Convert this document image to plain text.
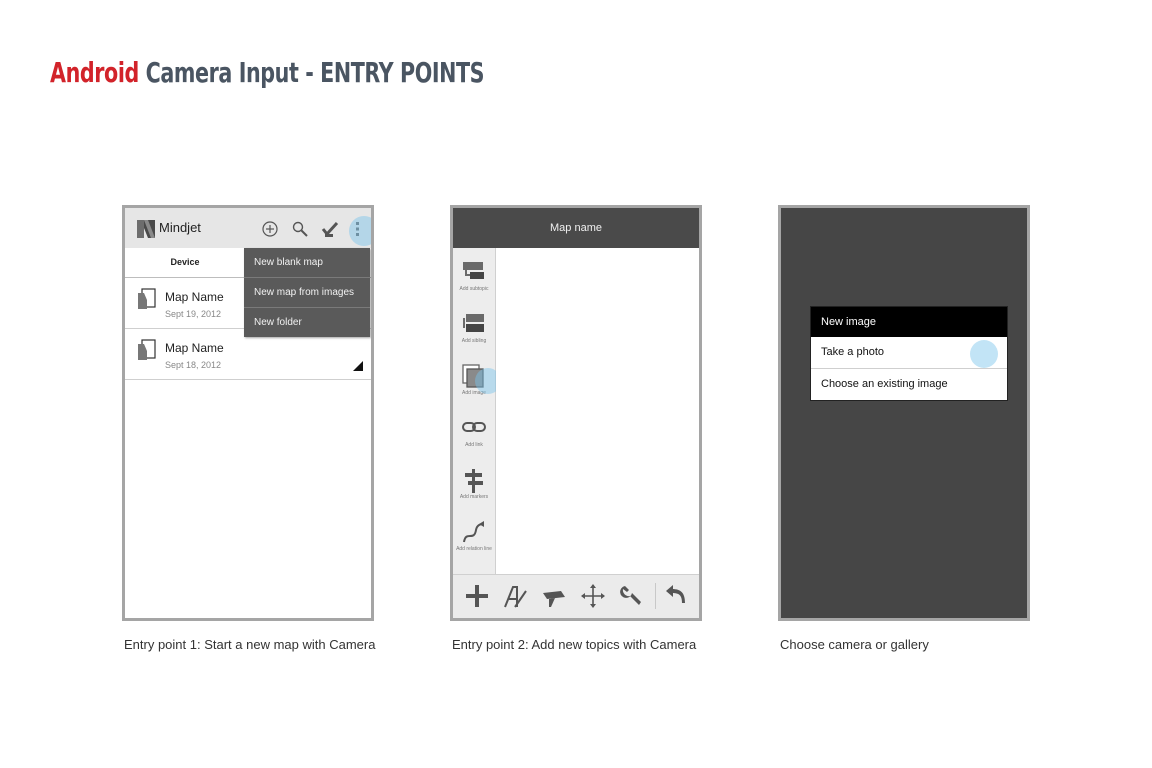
Android Camera Input - ENTRY POINTS
Mindjet
Device
Map Name
Sept 19, 2012
Map Name
Sept 18, 2012
New blank map
New map from images
New folder
Entry point 1: Start a new map with Camera
Map name
Add subtopic
Add sibling
Add image
Add link
Add markers
Add relation line
Entry point 2: Add new topics with Camera
New image
Take a photo
Choose an existing image
Choose camera or gallery
